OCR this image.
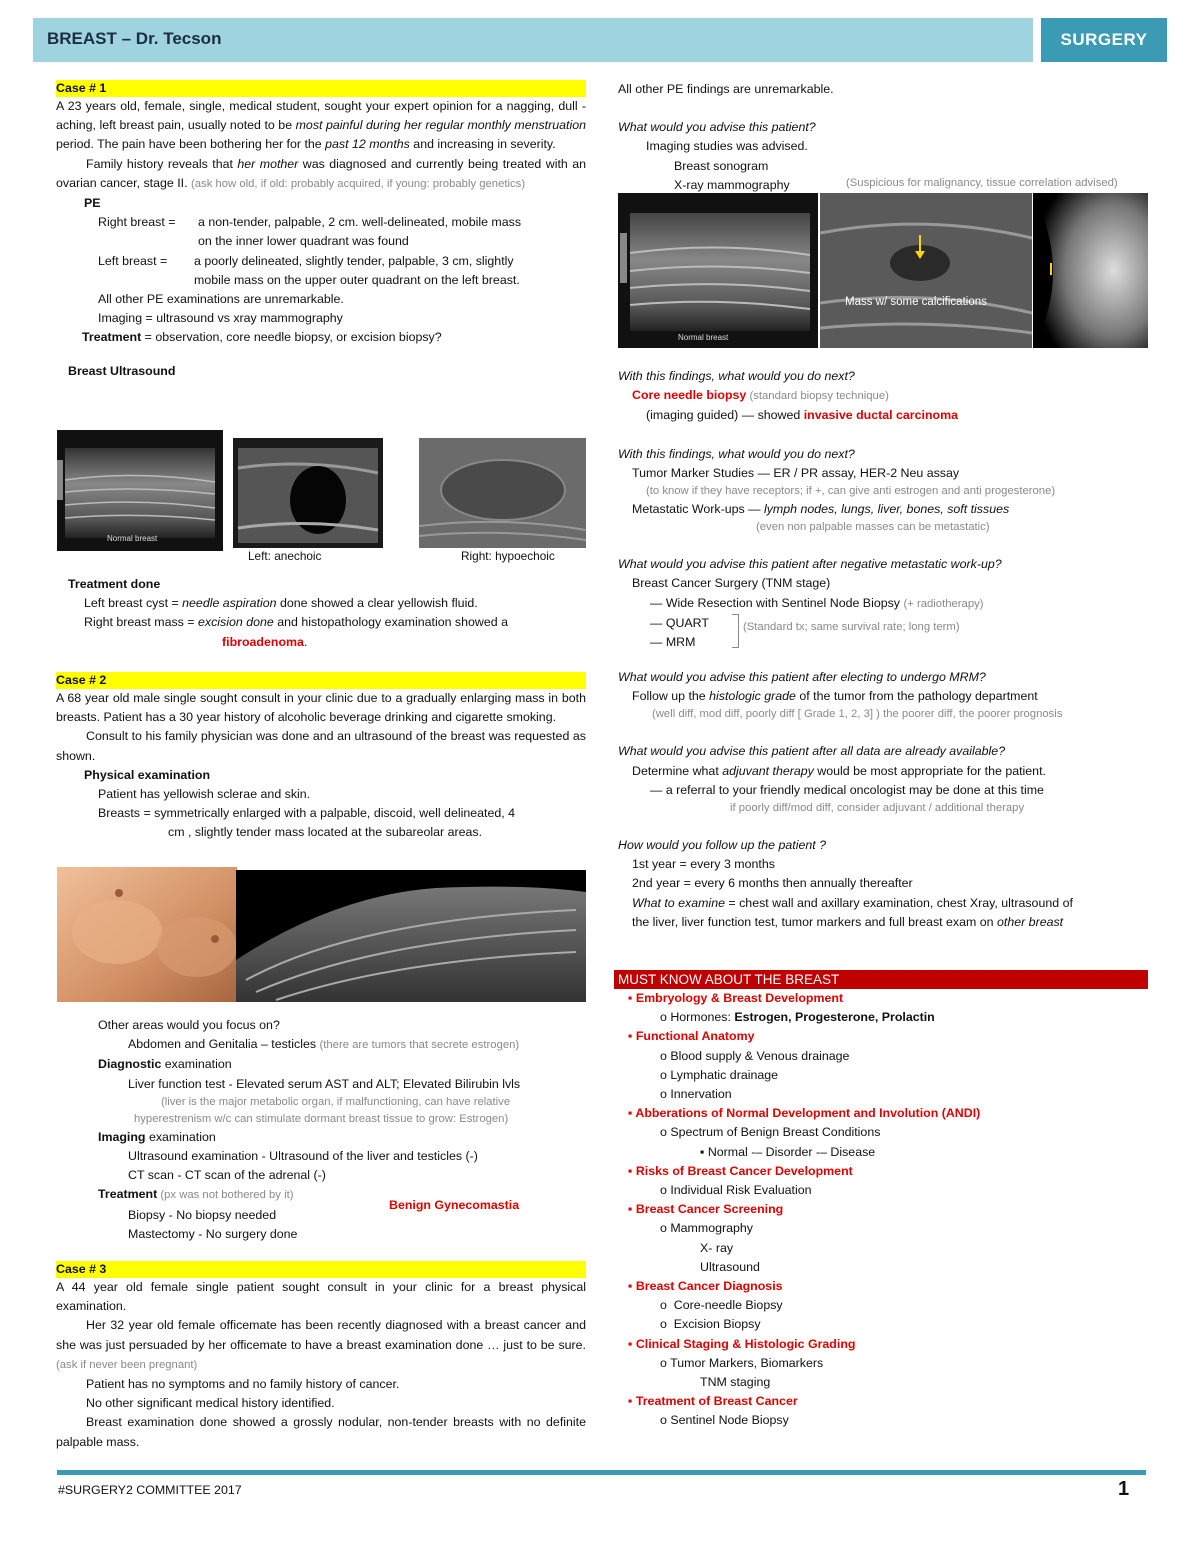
BREAST – Dr. Tecson	SURGERY
Case # 1

A 23 years old, female, single, medical student, sought your expert opinion for a nagging, dull - aching, left breast pain, usually noted to be most painful during her regular monthly menstruation period. The pain have been bothering her for the past 12 months and increasing in severity.

Family history reveals that her mother was diagnosed and currently being treated with an ovarian cancer, stage II. (ask how old, if old: probably acquired, if young: probably genetics)

PE

Right breast =a non-tender, palpable, 2 cm. well-delineated, mobile mass

on the inner lower quadrant was found

Left breast =a poorly delineated, slightly tender, palpable, 3 cm, slightly

mobile mass on the upper outer quadrant on the left breast.

All other PE examinations are unremarkable.

Imaging = ultrasound vs xray mammography

Treatment = observation, core needle biopsy, or excision biopsy?

Breast Ultrasound

Normal breast
Left: anechoic	Right: hypoechoic

Treatment done

Left breast cyst = needle aspiration done showed a clear yellowish fluid.

Right breast mass = excision done and histopathology examination showed a

fibroadenoma.

Case # 2

A 68 year old male single sought consult in your clinic due to a gradually enlarging mass in both breasts. Patient has a 30 year history of alcoholic beverage drinking and cigarette smoking.

Consult to his family physician was done and an ultrasound of the breast was requested as shown.

Physical examination

Patient has yellowish sclerae and skin.

Breasts = symmetrically enlarged with a palpable, discoid, well delineated, 4

cm , slightly tender mass located at the subareolar areas.

Other areas would you focus on?

Abdomen and Genitalia – testicles (there are tumors that secrete estrogen)

Diagnostic examination

Liver function test - Elevated serum AST and ALT; Elevated Bilirubin lvls

(liver is the major metabolic organ, if malfunctioning, can have relative

hyperestrenism w/c can stimulate dormant breast tissue to grow: Estrogen)

Imaging examination

Ultrasound examination - Ultrasound of the liver and testicles (-)

CT scan - CT scan of the adrenal (-)

Treatment (px was not bothered by it)

Biopsy - No biopsy needed

Mastectomy - No surgery done

Benign Gynecomastia
Case # 3

A 44 year old female single patient sought consult in your clinic for a breast physical examination.

Her 32 year old female officemate has been recently diagnosed with a breast cancer and she was just persuaded by her officemate to have a breast examination done … just to be sure. (ask if never been pregnant)

Patient has no symptoms and no family history of cancer.

No other significant medical history identified.

Breast examination done showed a grossly nodular, non-tender breasts with no definite palpable mass.

All other PE findings are unremarkable.

What would you advise this patient?

Imaging studies was advised.

Breast sonogram

X-ray mammography	(Suspicious for malignancy, tissue correlation advised)
Normal breast
Mass w/ some calcifications

With this findings, what would you do next?

Core needle biopsy (standard biopsy technique)

(imaging guided) — showed invasive ductal carcinoma

With this findings, what would you do next?

Tumor Marker Studies — ER / PR assay, HER-2 Neu assay

(to know if they have receptors; if +, can give anti estrogen and anti progesterone)

Metastatic Work-ups — lymph nodes, lungs, liver, bones, soft tissues

(even non palpable masses can be metastatic)

What would you advise this patient after negative metastatic work-up?

Breast Cancer Surgery (TNM stage)

— Wide Resection with Sentinel Node Biopsy (+ radiotherapy)

— QUART

— MRM

(Standard tx; same survival rate; long term)

What would you advise this patient after electing to undergo MRM?

Follow up the histologic grade of the tumor from the pathology department

(well diff, mod diff, poorly diff [ Grade 1, 2, 3] ) the poorer diff, the poorer prognosis

What would you advise this patient after all data are already available?

Determine what adjuvant therapy would be most appropriate for the patient.

— a referral to your friendly medical oncologist may be done at this time

if poorly diff/mod diff, consider adjuvant / additional therapy

How would you follow up the patient ?

1st year = every 3 months

2nd year = every 6 months then annually thereafter

What to examine = chest wall and axillary examination, chest Xray, ultrasound of

the liver, liver function test, tumor markers and full breast exam on other breast

MUST KNOW ABOUT THE BREAST

▪ Embryology & Breast Development

o Hormones: Estrogen, Progesterone, Prolactin

▪ Functional Anatomy

o Blood supply & Venous drainage

o Lymphatic drainage

o Innervation

▪ Abberations of Normal Development and Involution (ANDI)

o Spectrum of Benign Breast Conditions

▪ Normal -– Disorder -– Disease

▪ Risks of Breast Cancer Development

o Individual Risk Evaluation

▪ Breast Cancer Screening

o Mammography

X- ray

Ultrasound

▪ Breast Cancer Diagnosis

o  Core-needle Biopsy

o  Excision Biopsy

▪ Clinical Staging & Histologic Grading

o Tumor Markers, Biomarkers

TNM staging

▪ Treatment of Breast Cancer

o Sentinel Node Biopsy

#SURGERY2 COMMITTEE 2017	1
